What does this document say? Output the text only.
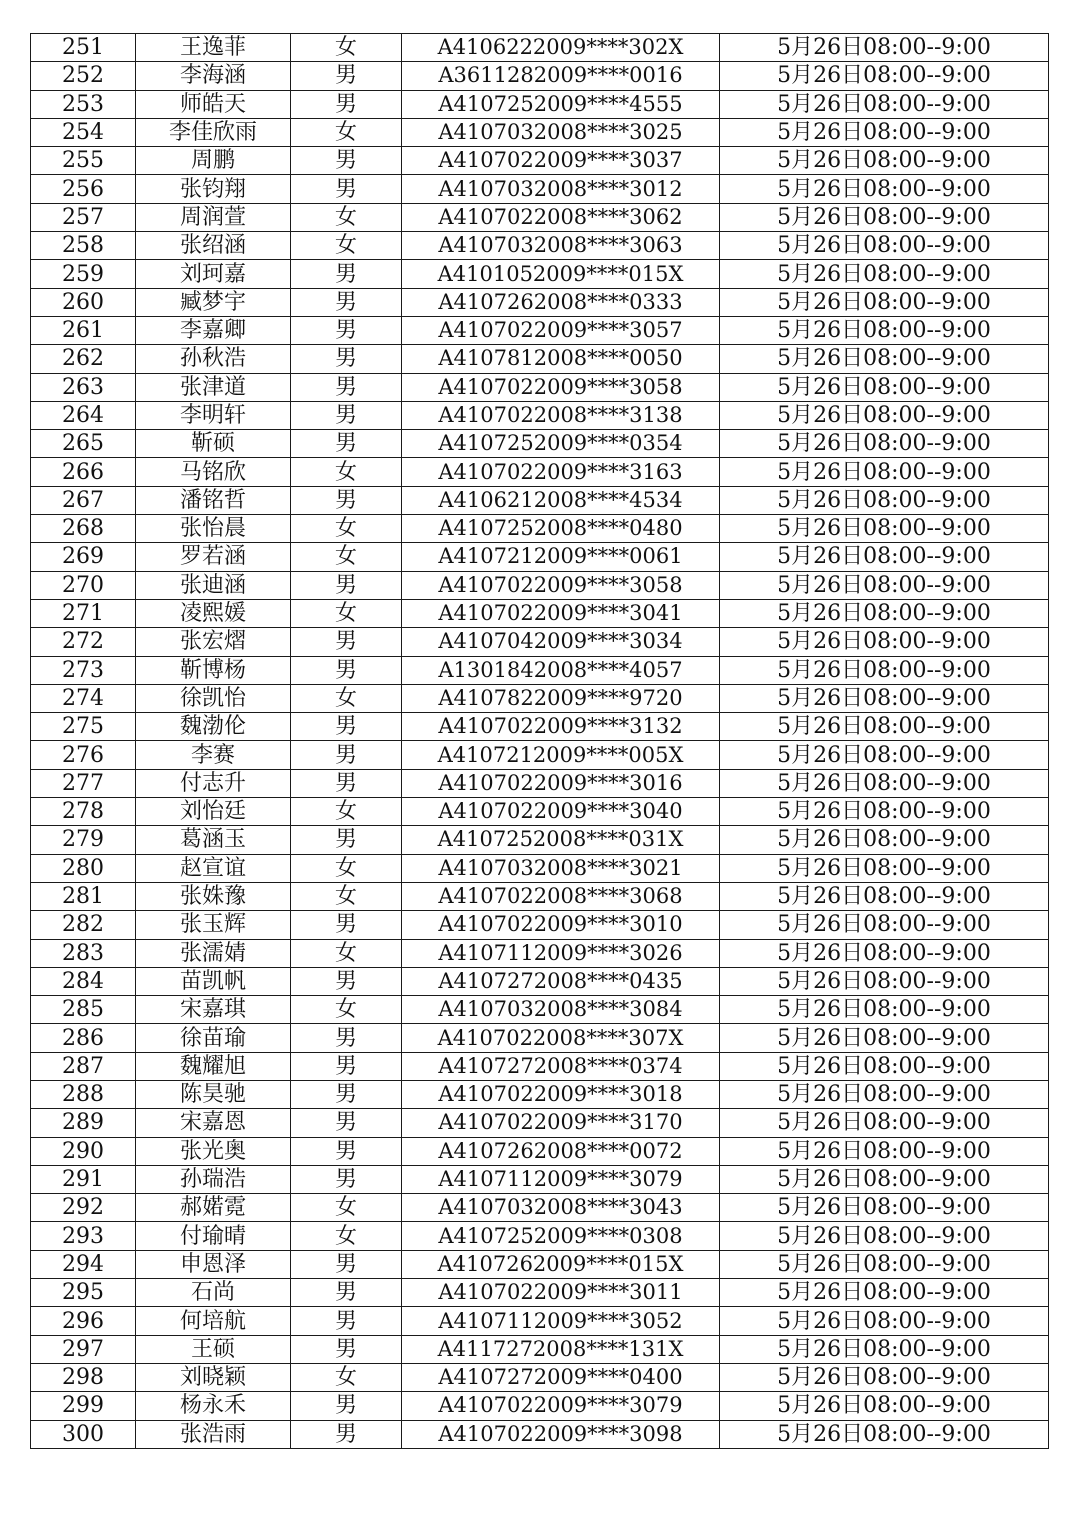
251	王逸菲	女	A4106222009****302X	5月26日08:00--9:00
252	李海涵	男	A3611282009****0016	5月26日08:00--9:00
253	师皓天	男	A4107252009****4555	5月26日08:00--9:00
254	李佳欣雨	女	A4107032008****3025	5月26日08:00--9:00
255	周鹏	男	A4107022009****3037	5月26日08:00--9:00
256	张钧翔	男	A4107032008****3012	5月26日08:00--9:00
257	周润萱	女	A4107022008****3062	5月26日08:00--9:00
258	张绍涵	女	A4107032008****3063	5月26日08:00--9:00
259	刘珂嘉	男	A4101052009****015X	5月26日08:00--9:00
260	臧梦宇	男	A4107262008****0333	5月26日08:00--9:00
261	李嘉卿	男	A4107022009****3057	5月26日08:00--9:00
262	孙秋浩	男	A4107812008****0050	5月26日08:00--9:00
263	张津道	男	A4107022009****3058	5月26日08:00--9:00
264	李明轩	男	A4107022008****3138	5月26日08:00--9:00
265	靳硕	男	A4107252009****0354	5月26日08:00--9:00
266	马铭欣	女	A4107022009****3163	5月26日08:00--9:00
267	潘铭哲	男	A4106212008****4534	5月26日08:00--9:00
268	张怡晨	女	A4107252008****0480	5月26日08:00--9:00
269	罗若涵	女	A4107212009****0061	5月26日08:00--9:00
270	张迪涵	男	A4107022009****3058	5月26日08:00--9:00
271	凌熙媛	女	A4107022009****3041	5月26日08:00--9:00
272	张宏熠	男	A4107042009****3034	5月26日08:00--9:00
273	靳博杨	男	A1301842008****4057	5月26日08:00--9:00
274	徐凯怡	女	A4107822009****9720	5月26日08:00--9:00
275	魏渤伦	男	A4107022009****3132	5月26日08:00--9:00
276	李赛	男	A4107212009****005X	5月26日08:00--9:00
277	付志升	男	A4107022009****3016	5月26日08:00--9:00
278	刘怡廷	女	A4107022009****3040	5月26日08:00--9:00
279	葛涵玉	男	A4107252008****031X	5月26日08:00--9:00
280	赵宣谊	女	A4107032008****3021	5月26日08:00--9:00
281	张姝豫	女	A4107022008****3068	5月26日08:00--9:00
282	张玉辉	男	A4107022009****3010	5月26日08:00--9:00
283	张濡婧	女	A4107112009****3026	5月26日08:00--9:00
284	苗凯帆	男	A4107272008****0435	5月26日08:00--9:00
285	宋嘉琪	女	A4107032008****3084	5月26日08:00--9:00
286	徐苗瑜	男	A4107022008****307X	5月26日08:00--9:00
287	魏耀旭	男	A4107272008****0374	5月26日08:00--9:00
288	陈昊驰	男	A4107022009****3018	5月26日08:00--9:00
289	宋嘉恩	男	A4107022009****3170	5月26日08:00--9:00
290	张光奥	男	A4107262008****0072	5月26日08:00--9:00
291	孙瑞浩	男	A4107112009****3079	5月26日08:00--9:00
292	郝婼霓	女	A4107032008****3043	5月26日08:00--9:00
293	付瑜晴	女	A4107252009****0308	5月26日08:00--9:00
294	申恩泽	男	A4107262009****015X	5月26日08:00--9:00
295	石尚	男	A4107022009****3011	5月26日08:00--9:00
296	何培航	男	A4107112009****3052	5月26日08:00--9:00
297	王硕	男	A4117272008****131X	5月26日08:00--9:00
298	刘晓颖	女	A4107272009****0400	5月26日08:00--9:00
299	杨永禾	男	A4107022009****3079	5月26日08:00--9:00
300	张浩雨	男	A4107022009****3098	5月26日08:00--9:00
